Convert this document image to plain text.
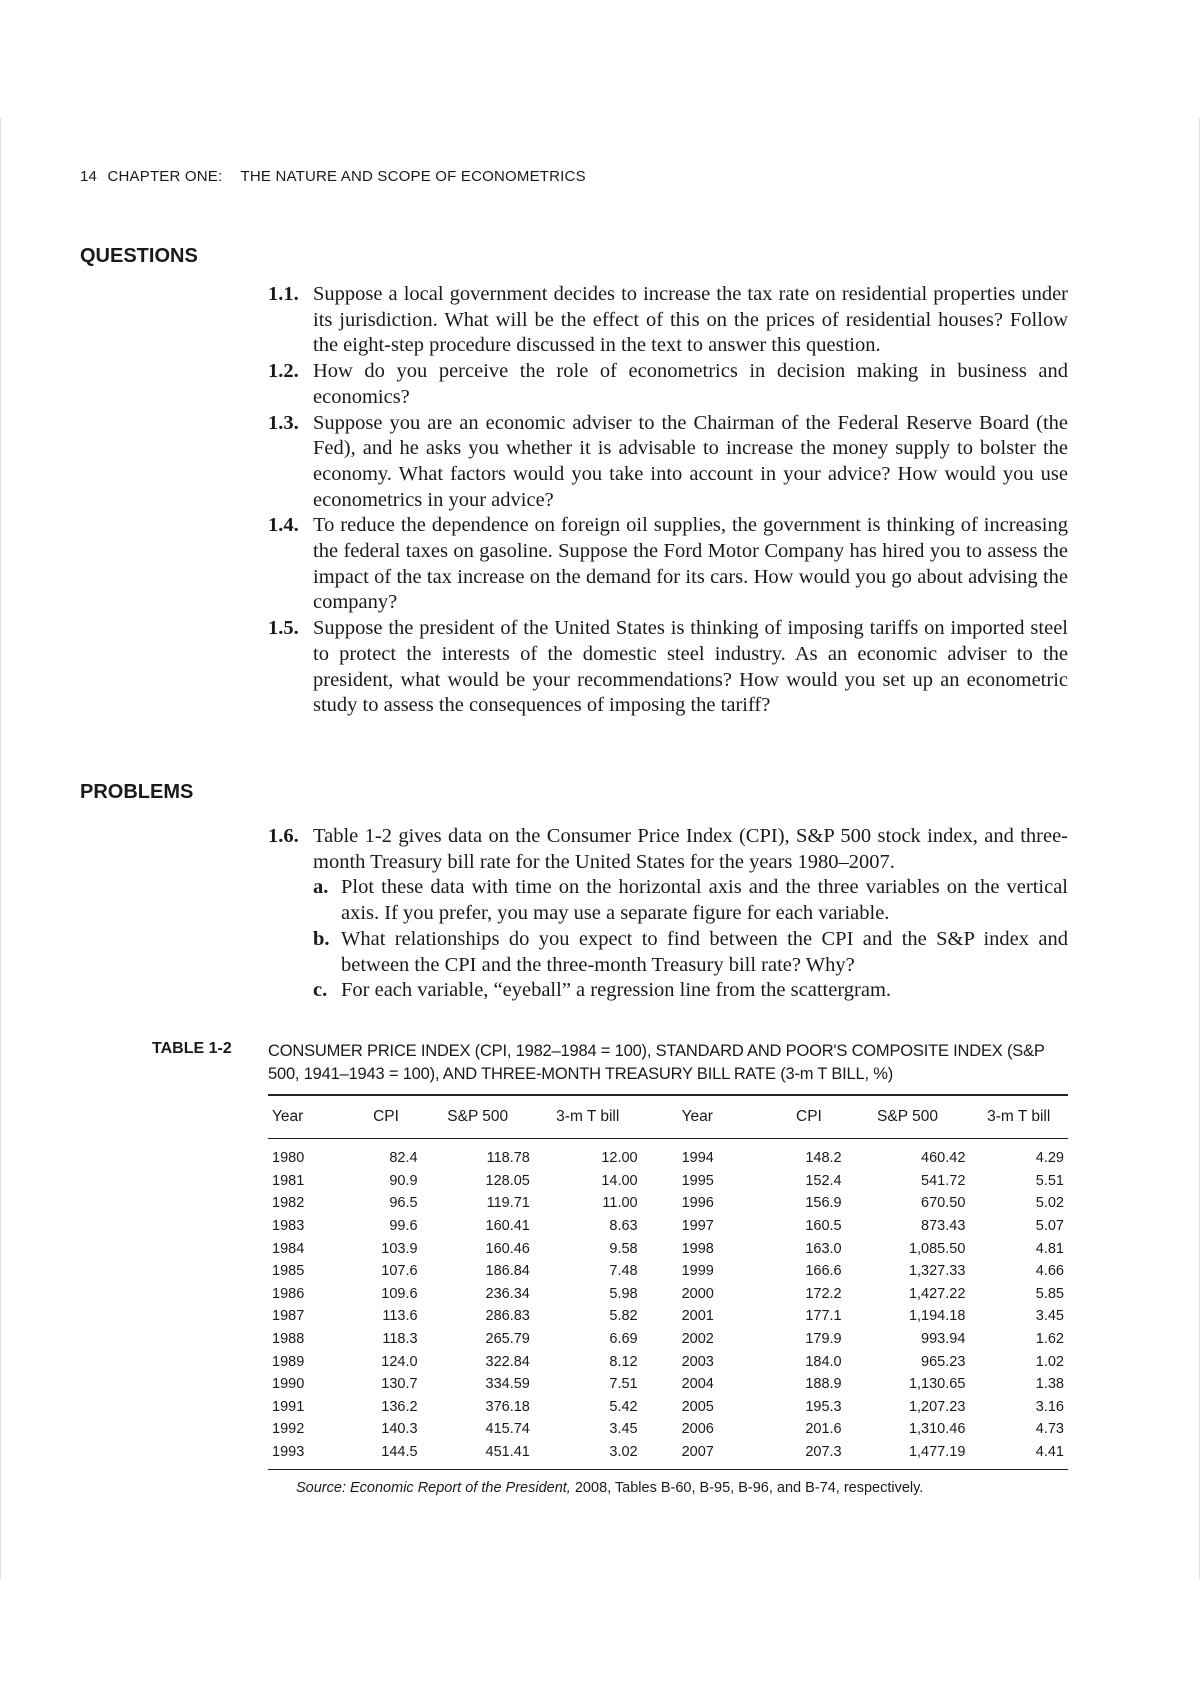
14 CHAPTER ONE: THE NATURE AND SCOPE OF ECONOMETRICS
QUESTIONS
1.1. Suppose a local government decides to increase the tax rate on residential properties under its jurisdiction. What will be the effect of this on the prices of residential houses? Follow the eight-step procedure discussed in the text to answer this question.
1.2. How do you perceive the role of econometrics in decision making in business and economics?
1.3. Suppose you are an economic adviser to the Chairman of the Federal Reserve Board (the Fed), and he asks you whether it is advisable to increase the money supply to bolster the economy. What factors would you take into account in your advice? How would you use econometrics in your advice?
1.4. To reduce the dependence on foreign oil supplies, the government is thinking of increasing the federal taxes on gasoline. Suppose the Ford Motor Company has hired you to assess the impact of the tax increase on the demand for its cars. How would you go about advising the company?
1.5. Suppose the president of the United States is thinking of imposing tariffs on imported steel to protect the interests of the domestic steel industry. As an economic adviser to the president, what would be your recommendations? How would you set up an econometric study to assess the consequences of imposing the tariff?
PROBLEMS
1.6. Table 1-2 gives data on the Consumer Price Index (CPI), S&P 500 stock index, and three-month Treasury bill rate for the United States for the years 1980–2007.
a. Plot these data with time on the horizontal axis and the three variables on the vertical axis. If you prefer, you may use a separate figure for each variable.
b. What relationships do you expect to find between the CPI and the S&P index and between the CPI and the three-month Treasury bill rate? Why?
c. For each variable, “eyeball” a regression line from the scattergram.
TABLE 1-2 CONSUMER PRICE INDEX (CPI, 1982–1984 = 100), STANDARD AND POOR'S COMPOSITE INDEX (S&P 500, 1941–1943 = 100), AND THREE-MONTH TREASURY BILL RATE (3-m T BILL, %)
Year	CPI	S&P 500	3-m T bill	Year	CPI	S&P 500	3-m T bill
1980	82.4	118.78	12.00	1994	148.2	460.42	4.29
1981	90.9	128.05	14.00	1995	152.4	541.72	5.51
1982	96.5	119.71	11.00	1996	156.9	670.50	5.02
1983	99.6	160.41	8.63	1997	160.5	873.43	5.07
1984	103.9	160.46	9.58	1998	163.0	1,085.50	4.81
1985	107.6	186.84	7.48	1999	166.6	1,327.33	4.66
1986	109.6	236.34	5.98	2000	172.2	1,427.22	5.85
1987	113.6	286.83	5.82	2001	177.1	1,194.18	3.45
1988	118.3	265.79	6.69	2002	179.9	993.94	1.62
1989	124.0	322.84	8.12	2003	184.0	965.23	1.02
1990	130.7	334.59	7.51	2004	188.9	1,130.65	1.38
1991	136.2	376.18	5.42	2005	195.3	1,207.23	3.16
1992	140.3	415.74	3.45	2006	201.6	1,310.46	4.73
1993	144.5	451.41	3.02	2007	207.3	1,477.19	4.41
Source: Economic Report of the President, 2008, Tables B-60, B-95, B-96, and B-74, respectively.
